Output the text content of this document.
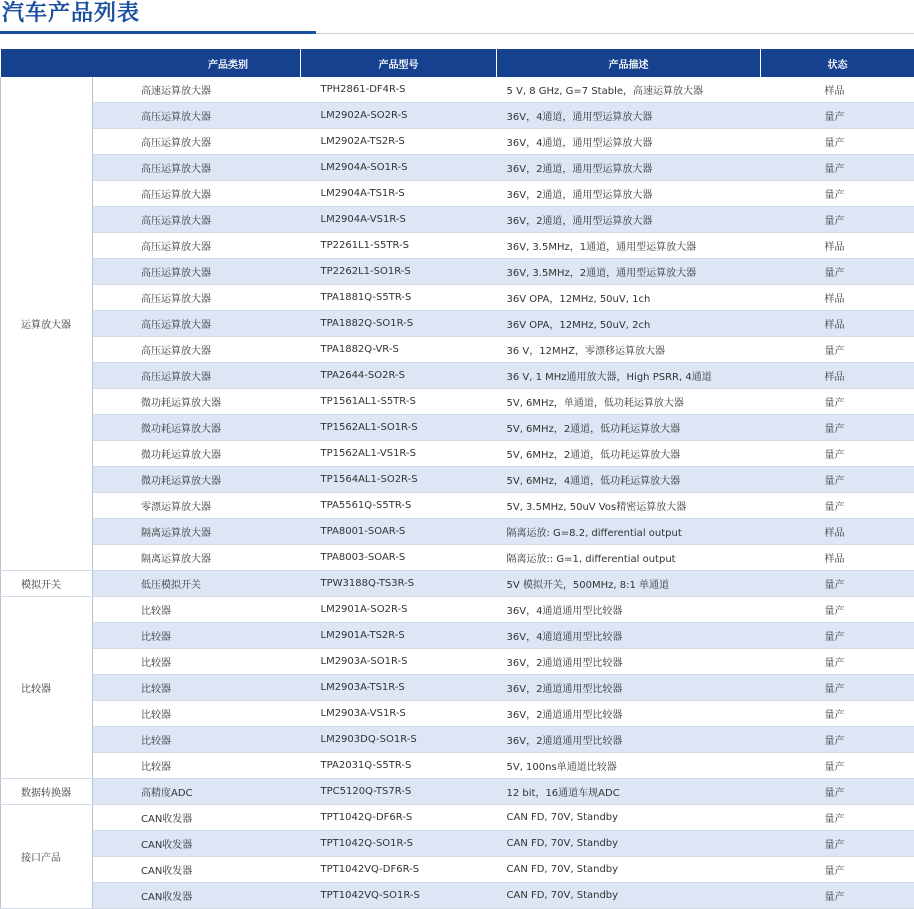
汽车产品列表
产品类别		产品型号	产品描述	状态
运算放大器	高速运算放大器	TPH2861-DF4R-S	5 V, 8 GHz, G=7 Stable，高速运算放大器	样品
	高压运算放大器	LM2902A-SO2R-S	36V，4通道，通用型运算放大器	量产
	高压运算放大器	LM2902A-TS2R-S	36V，4通道，通用型运算放大器	量产
	高压运算放大器	LM2904A-SO1R-S	36V，2通道，通用型运算放大器	量产
	高压运算放大器	LM2904A-TS1R-S	36V，2通道，通用型运算放大器	量产
	高压运算放大器	LM2904A-VS1R-S	36V，2通道，通用型运算放大器	量产
	高压运算放大器	TP2261L1-S5TR-S	36V, 3.5MHz，1通道，通用型运算放大器	样品
	高压运算放大器	TP2262L1-SO1R-S	36V, 3.5MHz，2通道，通用型运算放大器	量产
	高压运算放大器	TPA1881Q-S5TR-S	36V OPA，12MHz, 50uV, 1ch	样品
	高压运算放大器	TPA1882Q-SO1R-S	36V OPA，12MHz, 50uV, 2ch	样品
	高压运算放大器	TPA1882Q-VR-S	36 V，12MHZ，零漂移运算放大器	量产
	高压运算放大器	TPA2644-SO2R-S	36 V, 1 MHz通用放大器，High PSRR, 4通道	样品
	微功耗运算放大器	TP1561AL1-S5TR-S	5V, 6MHz，单通道，低功耗运算放大器	量产
	微功耗运算放大器	TP1562AL1-SO1R-S	5V, 6MHz，2通道，低功耗运算放大器	量产
	微功耗运算放大器	TP1562AL1-VS1R-S	5V, 6MHz，2通道，低功耗运算放大器	量产
	微功耗运算放大器	TP1564AL1-SO2R-S	5V, 6MHz，4通道，低功耗运算放大器	量产
	零漂运算放大器	TPA5561Q-S5TR-S	5V, 3.5MHz, 50uV Vos精密运算放大器	量产
	隔离运算放大器	TPA8001-SOAR-S	隔离运放: G=8.2, differential output	样品
	隔离运算放大器	TPA8003-SOAR-S	隔离运放:: G=1, differential output	样品
模拟开关	低压模拟开关	TPW3188Q-TS3R-S	5V 模拟开关，500MHz, 8:1 单通道	量产
比较器	比较器	LM2901A-SO2R-S	36V，4通道通用型比较器	量产
	比较器	LM2901A-TS2R-S	36V，4通道通用型比较器	量产
	比较器	LM2903A-SO1R-S	36V，2通道通用型比较器	量产
	比较器	LM2903A-TS1R-S	36V，2通道通用型比较器	量产
	比较器	LM2903A-VS1R-S	36V，2通道通用型比较器	量产
	比较器	LM2903DQ-SO1R-S	36V，2通道通用型比较器	量产
	比较器	TPA2031Q-S5TR-S	5V, 100ns单通道比较器	量产
数据转换器	高精度ADC	TPC5120Q-TS7R-S	12 bit，16通道车规ADC	量产
接口产品	CAN收发器	TPT1042Q-DF6R-S	CAN FD, 70V, Standby	量产
	CAN收发器	TPT1042Q-SO1R-S	CAN FD, 70V, Standby	量产
	CAN收发器	TPT1042VQ-DF6R-S	CAN FD, 70V, Standby	量产
	CAN收发器	TPT1042VQ-SO1R-S	CAN FD, 70V, Standby	量产
